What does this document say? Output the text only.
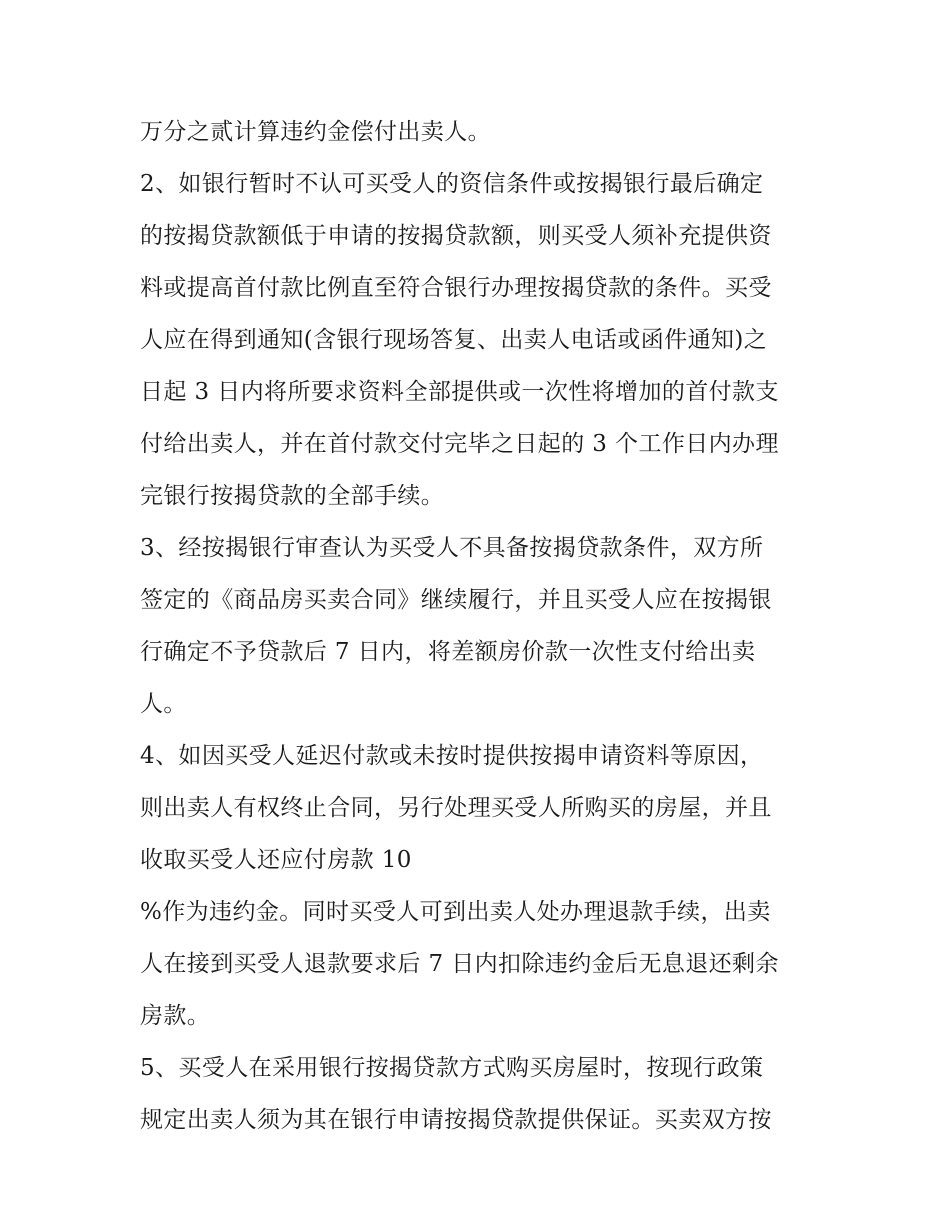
万分之贰计算违约金偿付出卖人。
2、如银行暂时不认可买受人的资信条件或按揭银行最后确定
的按揭贷款额低于申请的按揭贷款额，则买受人须补充提供资
料或提高首付款比例直至符合银行办理按揭贷款的条件。买受
人应在得到通知(含银行现场答复、出卖人电话或函件通知)之
日起 3 日内将所要求资料全部提供或一次性将增加的首付款支
付给出卖人，并在首付款交付完毕之日起的 3 个工作日内办理
完银行按揭贷款的全部手续。
3、经按揭银行审查认为买受人不具备按揭贷款条件，双方所
签定的《商品房买卖合同》继续履行，并且买受人应在按揭银
行确定不予贷款后 7 日内，将差额房价款一次性支付给出卖
人。
4、如因买受人延迟付款或未按时提供按揭申请资料等原因，
则出卖人有权终止合同，另行处理买受人所购买的房屋，并且
收取买受人还应付房款 10
%作为违约金。同时买受人可到出卖人处办理退款手续，出卖
人在接到买受人退款要求后 7 日内扣除违约金后无息退还剩余
房款。
5、买受人在采用银行按揭贷款方式购买房屋时，按现行政策
规定出卖人须为其在银行申请按揭贷款提供保证。买卖双方按
